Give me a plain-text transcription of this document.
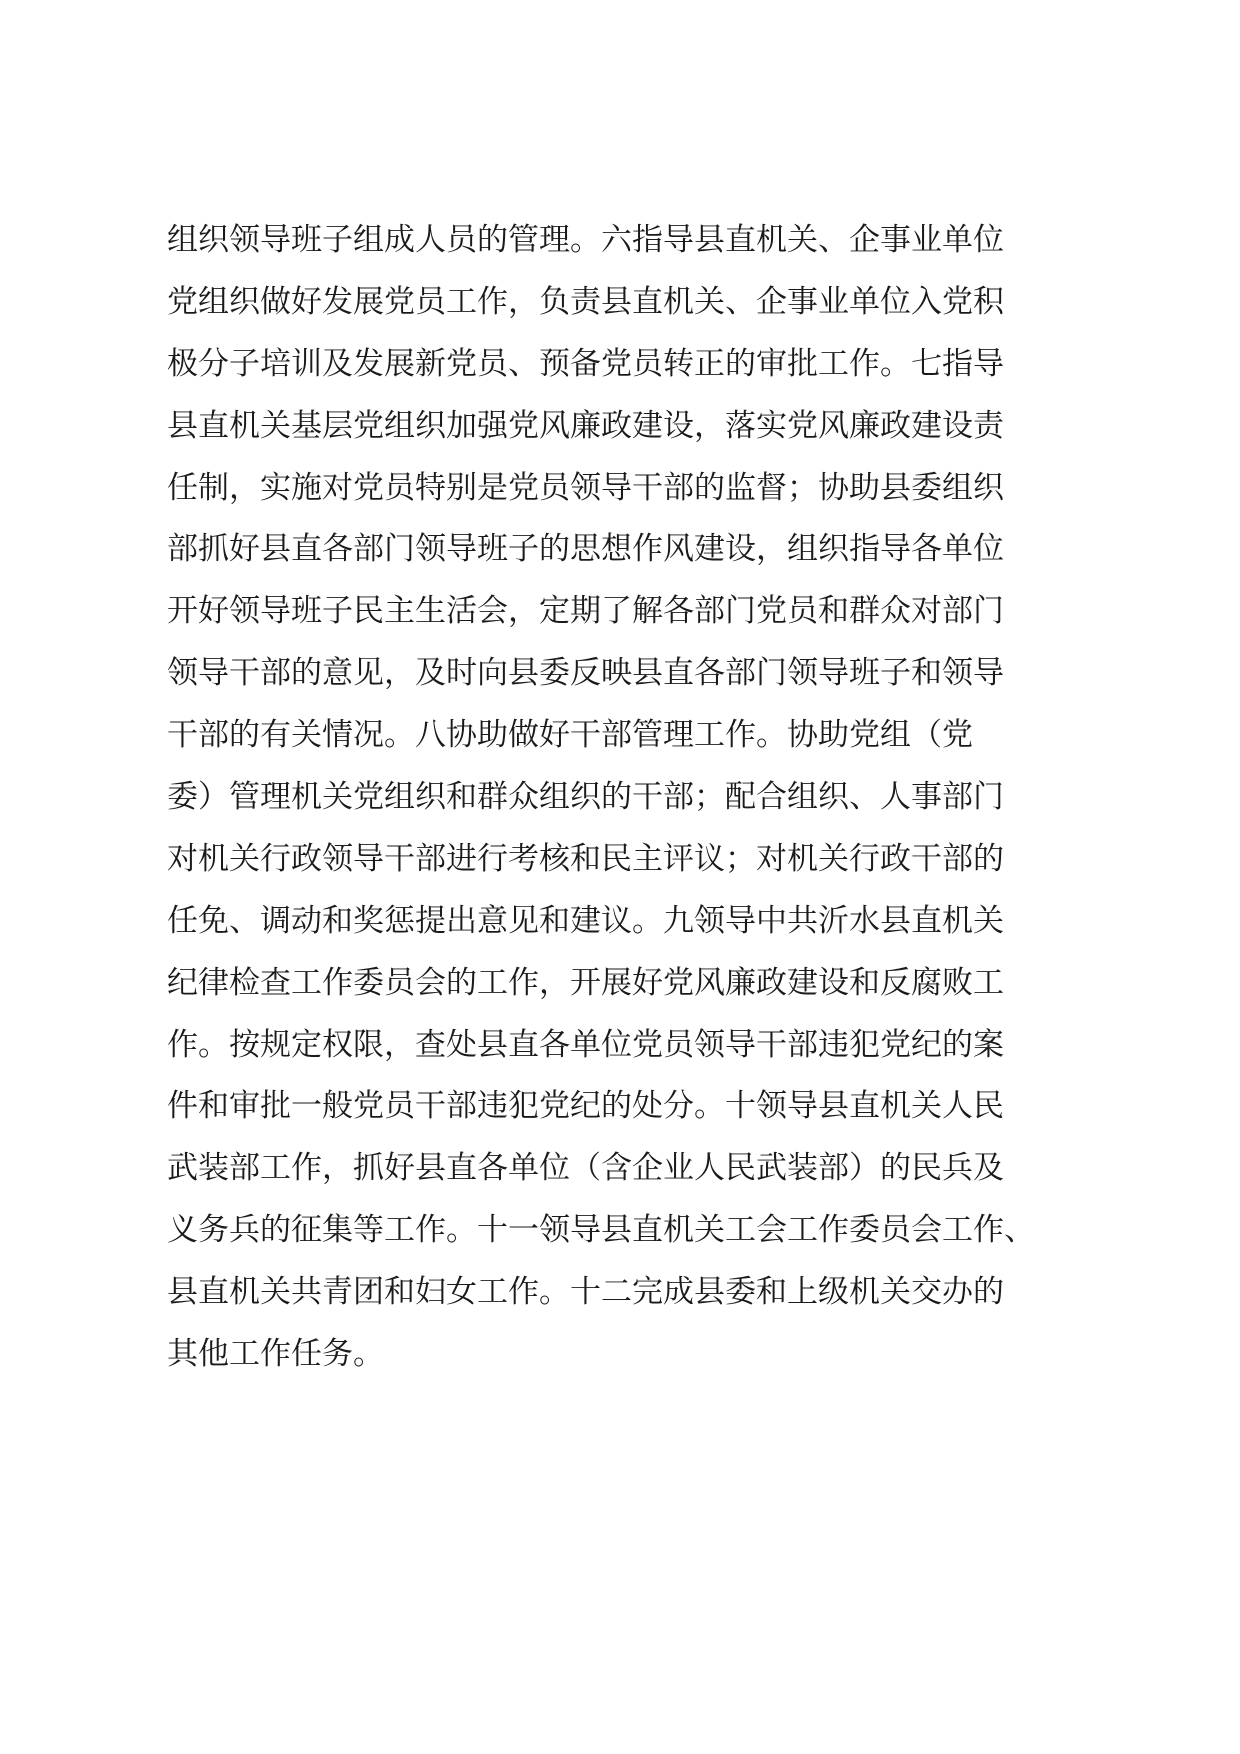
组织领导班子组成人员的管理。六指导县直机关、企事业单位
党组织做好发展党员工作，负责县直机关、企事业单位入党积
极分子培训及发展新党员、预备党员转正的审批工作。七指导
县直机关基层党组织加强党风廉政建设，落实党风廉政建设责
任制，实施对党员特别是党员领导干部的监督；协助县委组织
部抓好县直各部门领导班子的思想作风建设，组织指导各单位
开好领导班子民主生活会，定期了解各部门党员和群众对部门
领导干部的意见，及时向县委反映县直各部门领导班子和领导
干部的有关情况。八协助做好干部管理工作。协助党组（党
委）管理机关党组织和群众组织的干部；配合组织、人事部门
对机关行政领导干部进行考核和民主评议；对机关行政干部的
任免、调动和奖惩提出意见和建议。九领导中共沂水县直机关
纪律检查工作委员会的工作，开展好党风廉政建设和反腐败工
作。按规定权限，查处县直各单位党员领导干部违犯党纪的案
件和审批一般党员干部违犯党纪的处分。十领导县直机关人民
武装部工作，抓好县直各单位（含企业人民武装部）的民兵及
义务兵的征集等工作。十一领导县直机关工会工作委员会工作、
县直机关共青团和妇女工作。十二完成县委和上级机关交办的
其他工作任务。
